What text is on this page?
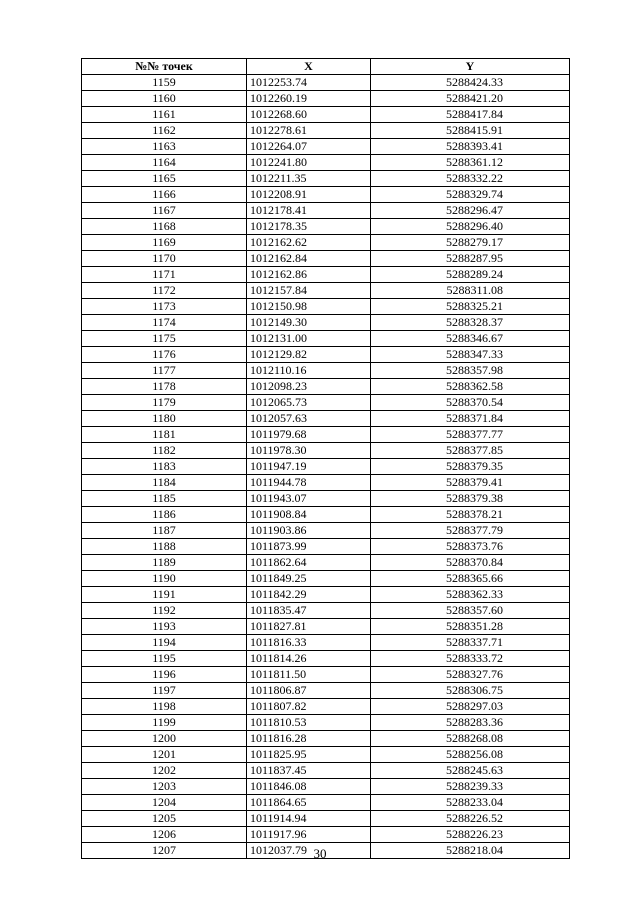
№№ точек	X	Y
1159	1012253.74	5288424.33
1160	1012260.19	5288421.20
1161	1012268.60	5288417.84
1162	1012278.61	5288415.91
1163	1012264.07	5288393.41
1164	1012241.80	5288361.12
1165	1012211.35	5288332.22
1166	1012208.91	5288329.74
1167	1012178.41	5288296.47
1168	1012178.35	5288296.40
1169	1012162.62	5288279.17
1170	1012162.84	5288287.95
1171	1012162.86	5288289.24
1172	1012157.84	5288311.08
1173	1012150.98	5288325.21
1174	1012149.30	5288328.37
1175	1012131.00	5288346.67
1176	1012129.82	5288347.33
1177	1012110.16	5288357.98
1178	1012098.23	5288362.58
1179	1012065.73	5288370.54
1180	1012057.63	5288371.84
1181	1011979.68	5288377.77
1182	1011978.30	5288377.85
1183	1011947.19	5288379.35
1184	1011944.78	5288379.41
1185	1011943.07	5288379.38
1186	1011908.84	5288378.21
1187	1011903.86	5288377.79
1188	1011873.99	5288373.76
1189	1011862.64	5288370.84
1190	1011849.25	5288365.66
1191	1011842.29	5288362.33
1192	1011835.47	5288357.60
1193	1011827.81	5288351.28
1194	1011816.33	5288337.71
1195	1011814.26	5288333.72
1196	1011811.50	5288327.76
1197	1011806.87	5288306.75
1198	1011807.82	5288297.03
1199	1011810.53	5288283.36
1200	1011816.28	5288268.08
1201	1011825.95	5288256.08
1202	1011837.45	5288245.63
1203	1011846.08	5288239.33
1204	1011864.65	5288233.04
1205	1011914.94	5288226.52
1206	1011917.96	5288226.23
1207	1012037.79	5288218.04
30
